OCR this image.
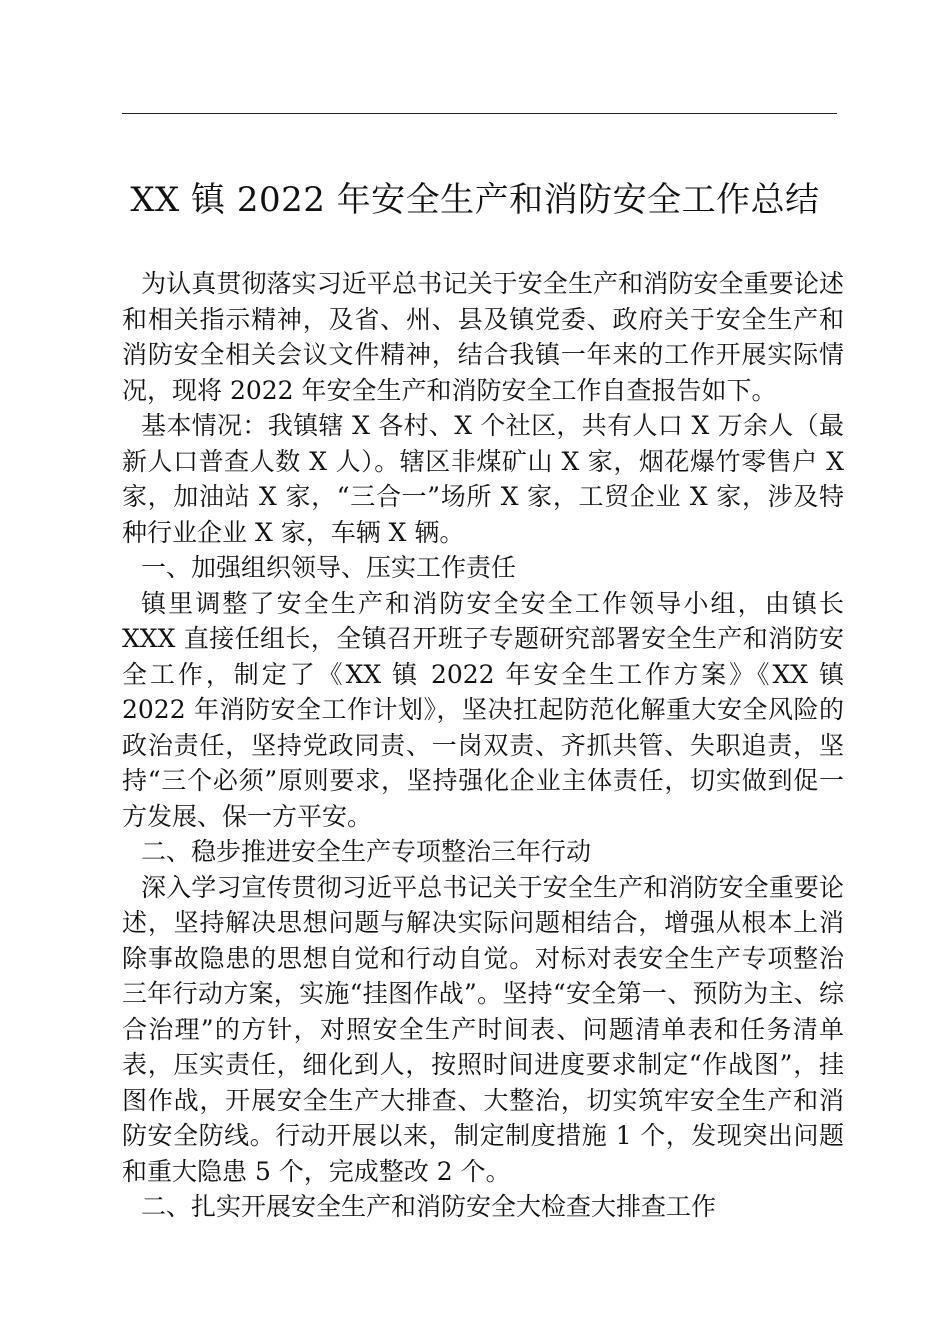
XX 镇 2022 年安全生产和消防安全工作总结

为认真贯彻落实习近平总书记关于安全生产和消防安全重要论述和相关指示精神，及省、州、县及镇党委、政府关于安全生产和消防安全相关会议文件精神，结合我镇一年来的工作开展实际情况，现将 2022 年安全生产和消防安全工作自查报告如下。

基本情况：我镇辖 X 各村、X 个社区，共有人口 X 万余人（最新人口普查人数 X 人）。辖区非煤矿山 X 家，烟花爆竹零售户 X 家，加油站 X 家，“三合一”场所 X 家，工贸企业 X 家，涉及特种行业企业 X 家，车辆 X 辆。

一、加强组织领导、压实工作责任

镇里调整了安全生产和消防安全安全工作领导小组，由镇长 XXX 直接任组长，全镇召开班子专题研究部署安全生产和消防安全工作，制定了《XX 镇 2022 年安全生工作方案》《XX 镇 2022 年消防安全工作计划》，坚决扛起防范化解重大安全风险的政治责任，坚持党政同责、一岗双责、齐抓共管、失职追责，坚持“三个必须”原则要求，坚持强化企业主体责任，切实做到促一方发展、保一方平安。

二、稳步推进安全生产专项整治三年行动

深入学习宣传贯彻习近平总书记关于安全生产和消防安全重要论述，坚持解决思想问题与解决实际问题相结合，增强从根本上消除事故隐患的思想自觉和行动自觉。对标对表安全生产专项整治三年行动方案，实施“挂图作战”。坚持“安全第一、预防为主、综合治理”的方针，对照安全生产时间表、问题清单表和任务清单表，压实责任，细化到人，按照时间进度要求制定“作战图”，挂图作战，开展安全生产大排查、大整治，切实筑牢安全生产和消防安全防线。行动开展以来，制定制度措施 1 个，发现突出问题和重大隐患 5 个，完成整改 2 个。

二、扎实开展安全生产和消防安全大检查大排查工作
